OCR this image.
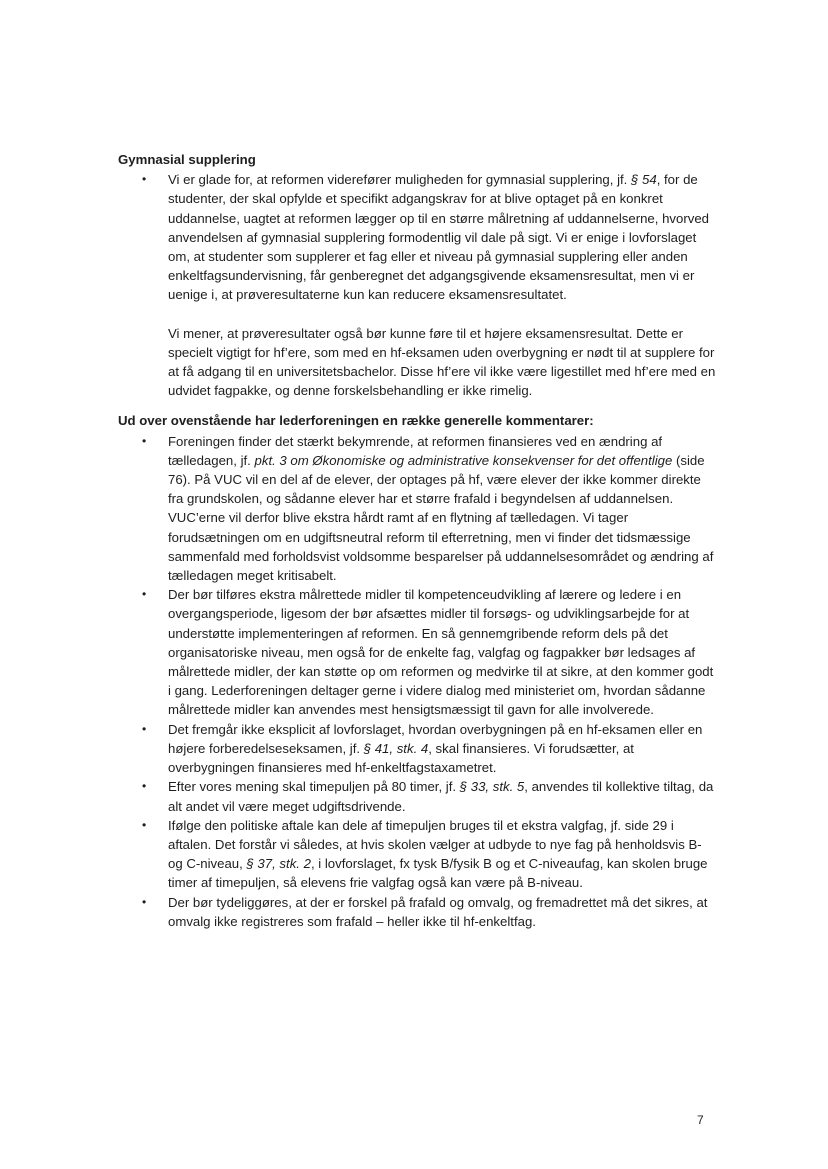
Gymnasial supplering

• Vi er glade for, at reformen viderefører muligheden for gymnasial supplering, jf. § 54, for de studenter, der skal opfylde et specifikt adgangskrav for at blive optaget på en konkret uddannelse, uagtet at reformen lægger op til en større målretning af uddannelserne, hvorved anvendelsen af gymnasial supplering formodentlig vil dale på sigt. Vi er enige i lovforslaget om, at studenter som supplerer et fag eller et niveau på gymnasial supplering eller anden enkeltfagsundervisning, får genberegnet det adgangsgivende eksamensresultat, men vi er uenige i, at prøveresultaterne kun kan reducere eksamensresultatet.

Vi mener, at prøveresultater også bør kunne føre til et højere eksamensresultat. Dette er specielt vigtigt for hf’ere, som med en hf-eksamen uden overbygning er nødt til at supplere for at få adgang til en universitetsbachelor. Disse hf’ere vil ikke være ligestillet med hf’ere med en udvidet fagpakke, og denne forskelsbehandling er ikke rimelig.

Ud over ovenstående har lederforeningen en række generelle kommentarer:

• Foreningen finder det stærkt bekymrende, at reformen finansieres ved en ændring af tælledagen, jf. pkt. 3 om Økonomiske og administrative konsekvenser for det offentlige (side 76). På VUC vil en del af de elever, der optages på hf, være elever der ikke kommer direkte fra grundskolen, og sådanne elever har et større frafald i begyndelsen af uddannelsen. VUC’erne vil derfor blive ekstra hårdt ramt af en flytning af tælledagen. Vi tager forudsætningen om en udgiftsneutral reform til efterretning, men vi finder det tidsmæssige sammenfald med forholdsvist voldsomme besparelser på uddannelsesområdet og ændring af tælledagen meget kritisabelt.
• Der bør tilføres ekstra målrettede midler til kompetenceudvikling af lærere og ledere i en overgangsperiode, ligesom der bør afsættes midler til forsøgs- og udviklingsarbejde for at understøtte implementeringen af reformen. En så gennemgribende reform dels på det organisatoriske niveau, men også for de enkelte fag, valgfag og fagpakker bør ledsages af målrettede midler, der kan støtte op om reformen og medvirke til at sikre, at den kommer godt i gang. Lederforeningen deltager gerne i videre dialog med ministeriet om, hvordan sådanne målrettede midler kan anvendes mest hensigtsmæssigt til gavn for alle involverede.
• Det fremgår ikke eksplicit af lovforslaget, hvordan overbygningen på en hf-eksamen eller en højere forberedelseseksamen, jf. § 41, stk. 4, skal finansieres. Vi forudsætter, at overbygningen finansieres med hf-enkeltfagstaxametret.
• Efter vores mening skal timepuljen på 80 timer, jf. § 33, stk. 5, anvendes til kollektive tiltag, da alt andet vil være meget udgiftsdrivende.
• Ifølge den politiske aftale kan dele af timepuljen bruges til et ekstra valgfag, jf. side 29 i aftalen. Det forstår vi således, at hvis skolen vælger at udbyde to nye fag på henholdsvis B- og C-niveau, § 37, stk. 2, i lovforslaget, fx tysk B/fysik B og et C-niveaufag, kan skolen bruge timer af timepuljen, så elevens frie valgfag også kan være på B-niveau.
• Der bør tydeliggøres, at der er forskel på frafald og omvalg, og fremadrettet må det sikres, at omvalg ikke registreres som frafald – heller ikke til hf-enkeltfag.
7
